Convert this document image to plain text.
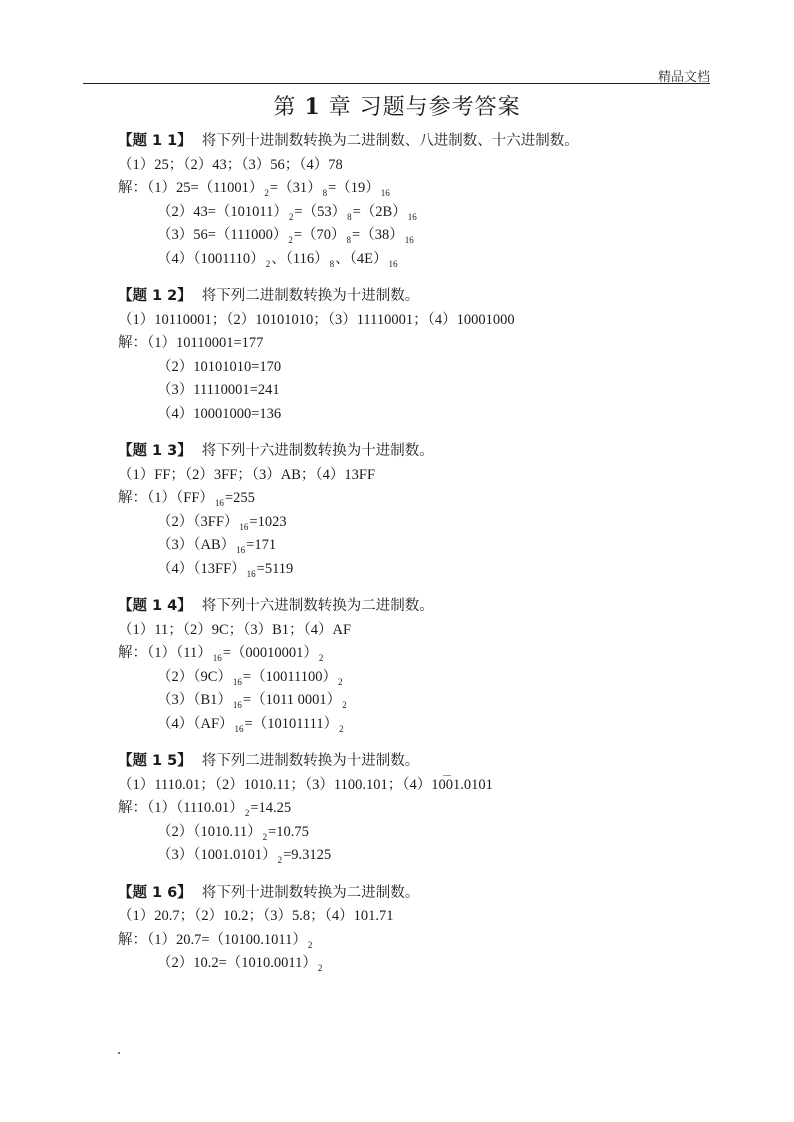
精品文档
第 1 章 习题与参考答案
【题 1 1】 将下列十进制数转换为二进制数、八进制数、十六进制数。
（1）25；（2）43；（3）56；（4）78
解：$(1)25=(11001)_2=(31)_8=(19)_{16}$
$(2)43=(101011)_2=(53)_8=(2B)_{16}$
$(3)56=(111000)_2=(70)_8=(38)_{16}$
$(4)(1001110)_2$、$(116)_8$、$(4E)_{16}$
【题 1 2】 将下列二进制数转换为十进制数。
（1）10110001；（2）10101010；（3）11110001；（4）10001000
解：（1）10110001=177
（2）10101010=170
（3）11110001=241
（4）10001000=136
【题 1 3】 将下列十六进制数转换为十进制数。
（1）FF；（2）3FF；（3）AB；（4）13FF
解：$(1)(FF)_{16}=255$
$(2)(3FF)_{16}=1023$
$(3)(AB)_{16}=171$
$(4)(13FF)_{16}=5119$
【题 1 4】 将下列十六进制数转换为二进制数。
（1）11；（2）9C；（3）B1；（4）AF
解：$(1)(11)_{16}=(00010001)_2$
$(2)(9C)_{16}=(10011100)_2$
$(3)(B1)_{16}=(1011$ $0001)_2$
$(4)(AF)_{16}=(10101111)_2$
【题 1 5】 将下列二进制数转换为十进制数。
（1）1110.01；（2）1010.11；（3）1100.101；（4）1001.0101
解：$(1)(1110.01)_2=14.25$
$(2)(1010.11)_2=10.75$
$(3)(1001.0101)_2=9.3125$
【题 1 6】 将下列十进制数转换为二进制数。
（1）20.7；（2）10.2；（3）5.8；（4）101.71
解：$(1)20.7=(10100.1011)_2$
$(2)10.2=(1010.0011)_2$
